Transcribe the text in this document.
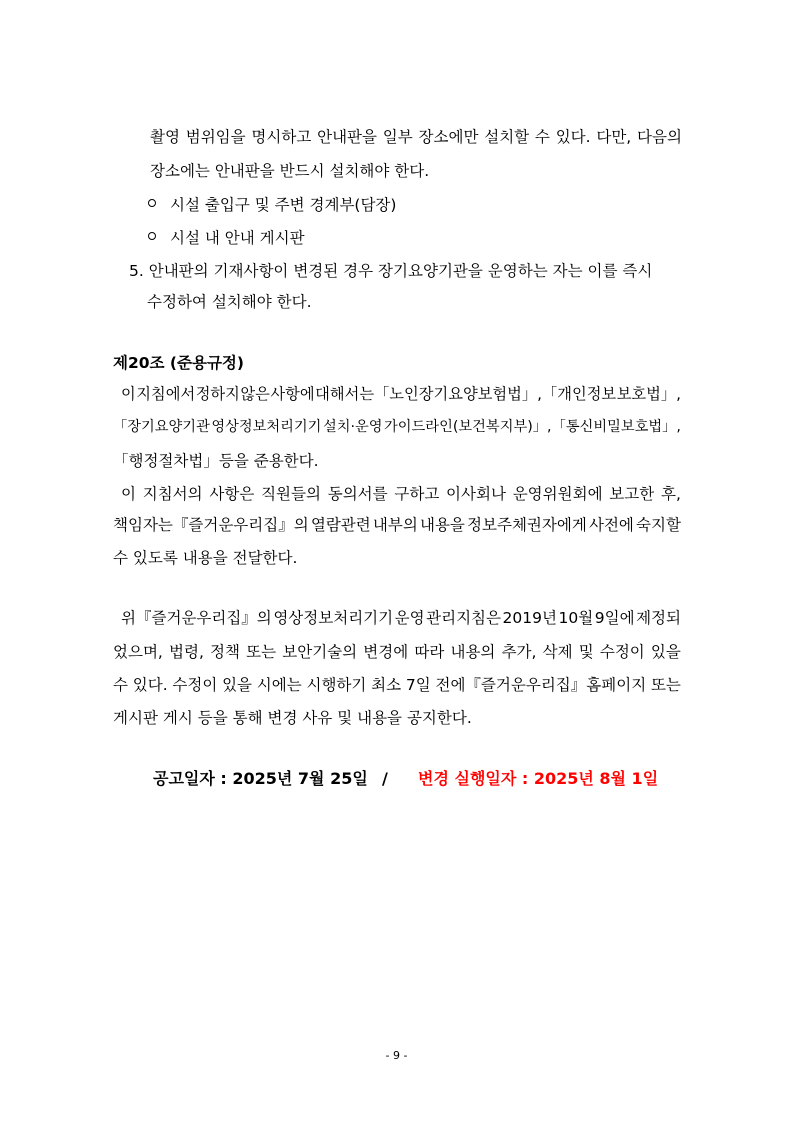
촬영 범위임을 명시하고 안내판을 일부 장소에만 설치할 수 있다. 다만, 다음의
장소에는 안내판을 반드시 설치해야 한다.
시설 출입구 및 주변 경계부(담장)
시설 내 안내 게시판
5. 안내판의 기재사항이 변경된 경우 장기요양기관을 운영하는 자는 이를 즉시
수정하여 설치해야 한다.
제20조 (준용규정)
이 지침에서 정하지 않은 사항에 대해서는「노인장기요양보험법」,「개인정보 보호법」,
「장기요양기관 영상정보처리기기 설치·운영 가이드라인(보건복지부)」,「통신비밀보호법」,
「행정절차법」등을 준용한다.
이 지침서의 사항은 직원들의 동의서를 구하고 이사회나 운영위원회에 보고한 후,
책임자는『즐거운우리집』의 열람관련 내부의 내용을 정보주체권자에게 사전에 숙지할
수 있도록 내용을 전달한다.
위『즐거운우리집』의 영상정보처리기기 운영 관리지침은 2019년 10월 9일에 제정되
었으며, 법령, 정책 또는 보안기술의 변경에 따라 내용의 추가, 삭제 및 수정이 있을
수 있다. 수정이 있을 시에는 시행하기 최소 7일 전에『즐거운우리집』홈페이지 또는
게시판 게시 등을 통해 변경 사유 및 내용을 공지한다.
공고일자 : 2025년 7월 25일 / 변경 실행일자 : 2025년 8월 1일
- 9 -
